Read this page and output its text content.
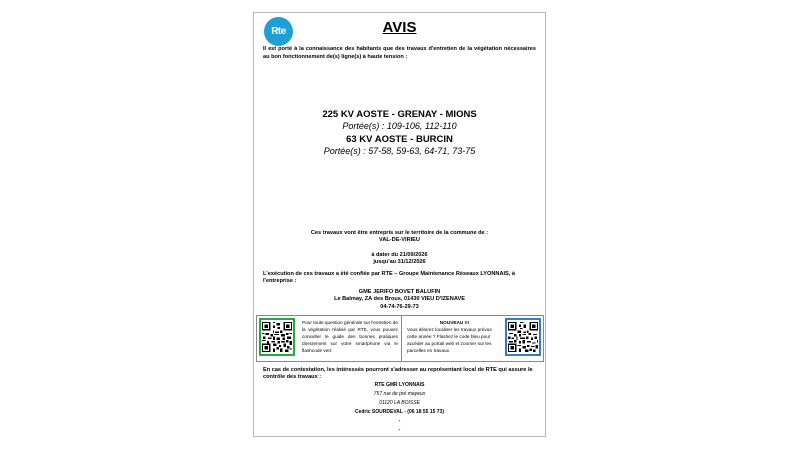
Rte	AVIS
Il est porté à la connaissance des habitants que des travaux d'entretien de la végétation nécessaires au bon fonctionnement de(s) ligne(s) à haute tension :
225 KV AOSTE - GRENAY - MIONS
Portée(s) : 109-106, 112-110
63 KV AOSTE - BURCIN
Portée(s) : 57-58, 59-63, 64-71, 73-75
Ces travaux vont être entrepris sur le territoire de la commune de :
VAL-DE-VIRIEU
à dater du 21/09/2026
jusqu'au 31/12/2026
L'exécution de ces travaux a été confiée par RTE – Groupe Maintenance Réseaux LYONNAIS, à l'entreprise :
GME JERIFO BOVET BALUFIN
Le Balmay, ZA des Brous, 01430 VIEU D'IZENAVE
04-74-76-29-73
Pour toute question générale sur l'entretien de la végétation réalisé par RTE, vous pouvez consulter le guide des bonnes pratiques directement sur votre smartphone via le flashcode vert.
NOUVEAU !!!
Vous désirez localiser les travaux prévus cette année ? Flashez le code bleu pour accéder au portail web et zoomer sur les parcelles en travaux.
En cas de contestation, les intéressés pourront s'adresser au représentant local de RTE qui assure le contrôle des travaux :
RTE GMR LYONNAIS
757 rue de pré mayeux
01120 LA BOISSE
Cedric SOURDEVAL - (06 18 55 15 73)
-
-
